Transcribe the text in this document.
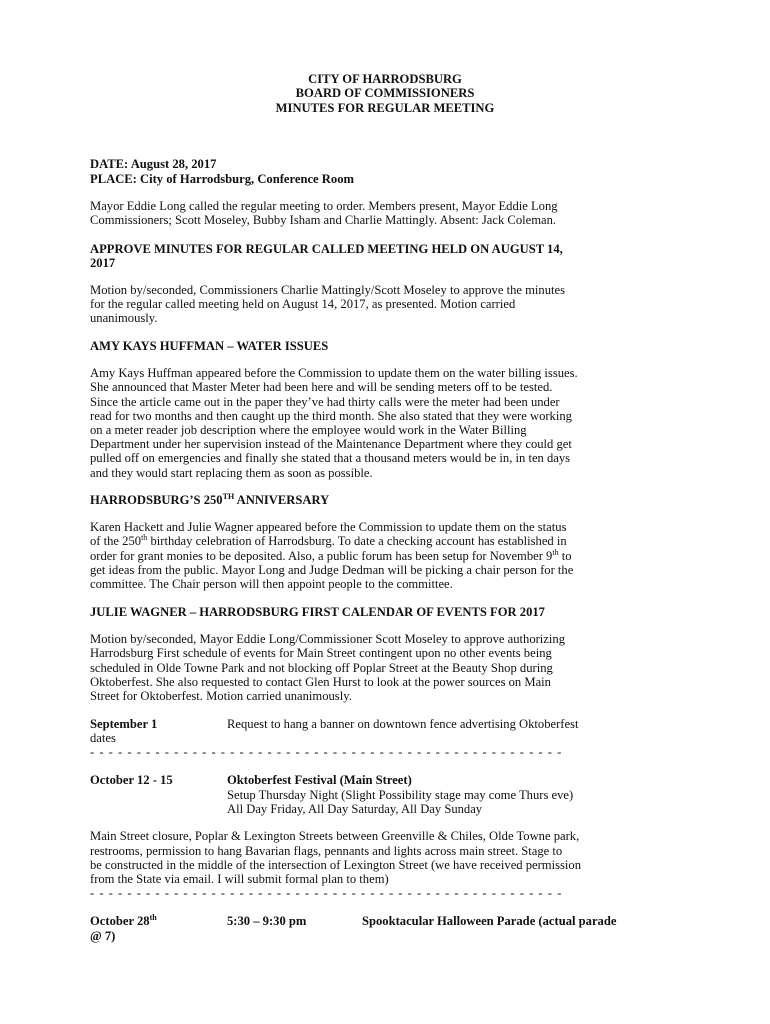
CITY OF HARRODSBURG

BOARD OF COMMISSIONERS

MINUTES FOR REGULAR MEETING

DATE: August 28, 2017

PLACE: City of Harrodsburg, Conference Room

Mayor Eddie Long called the regular meeting to order. Members present, Mayor Eddie Long

Commissioners; Scott Moseley, Bubby Isham and Charlie Mattingly. Absent: Jack Coleman.

APPROVE MINUTES FOR REGULAR CALLED MEETING HELD ON AUGUST 14,

2017

Motion by/seconded, Commissioners Charlie Mattingly/Scott Moseley to approve the minutes

for the regular called meeting held on August 14, 2017, as presented. Motion carried

unanimously.

AMY KAYS HUFFMAN – WATER ISSUES

Amy Kays Huffman appeared before the Commission to update them on the water billing issues.

She announced that Master Meter had been here and will be sending meters off to be tested.

Since the article came out in the paper they’ve had thirty calls were the meter had been under

read for two months and then caught up the third month. She also stated that they were working

on a meter reader job description where the employee would work in the Water Billing

Department under her supervision instead of the Maintenance Department where they could get

pulled off on emergencies and finally she stated that a thousand meters would be in, in ten days

and they would start replacing them as soon as possible.

HARRODSBURG’S 250TH ANNIVERSARY

Karen Hackett and Julie Wagner appeared before the Commission to update them on the status

of the 250th birthday celebration of Harrodsburg. To date a checking account has established in

order for grant monies to be deposited. Also, a public forum has been setup for November 9th to

get ideas from the public. Mayor Long and Judge Dedman will be picking a chair person for the

committee. The Chair person will then appoint people to the committee.

JULIE WAGNER – HARRODSBURG FIRST CALENDAR OF EVENTS FOR 2017

Motion by/seconded, Mayor Eddie Long/Commissioner Scott Moseley to approve authorizing

Harrodsburg First schedule of events for Main Street contingent upon no other events being

scheduled in Olde Towne Park and not blocking off Poplar Street at the Beauty Shop during

Oktoberfest. She also requested to contact Glen Hurst to look at the power sources on Main

Street for Oktoberfest. Motion carried unanimously.

September 1	Request to hang a banner on downtown fence advertising Oktoberfest

dates

- - - - - - - - - - - - - - - - - - - - - - - - - - - - - - - - - - - - - - - - - - - - - - - - - - -

October 12 - 15	Oktoberfest Festival (Main Street)
Setup Thursday Night (Slight Possibility stage may come Thurs eve)
All Day Friday, All Day Saturday, All Day Sunday

Main Street closure, Poplar & Lexington Streets between Greenville & Chiles, Olde Towne park,

restrooms, permission to hang Bavarian flags, pennants and lights across main street. Stage to

be constructed in the middle of the intersection of Lexington Street (we have received permission

from the State via email. I will submit formal plan to them)

- - - - - - - - - - - - - - - - - - - - - - - - - - - - - - - - - - - - - - - - - - - - - - - - - - -

October 28th	5:30 – 9:30 pm	Spooktacular Halloween Parade (actual parade

@ 7)
